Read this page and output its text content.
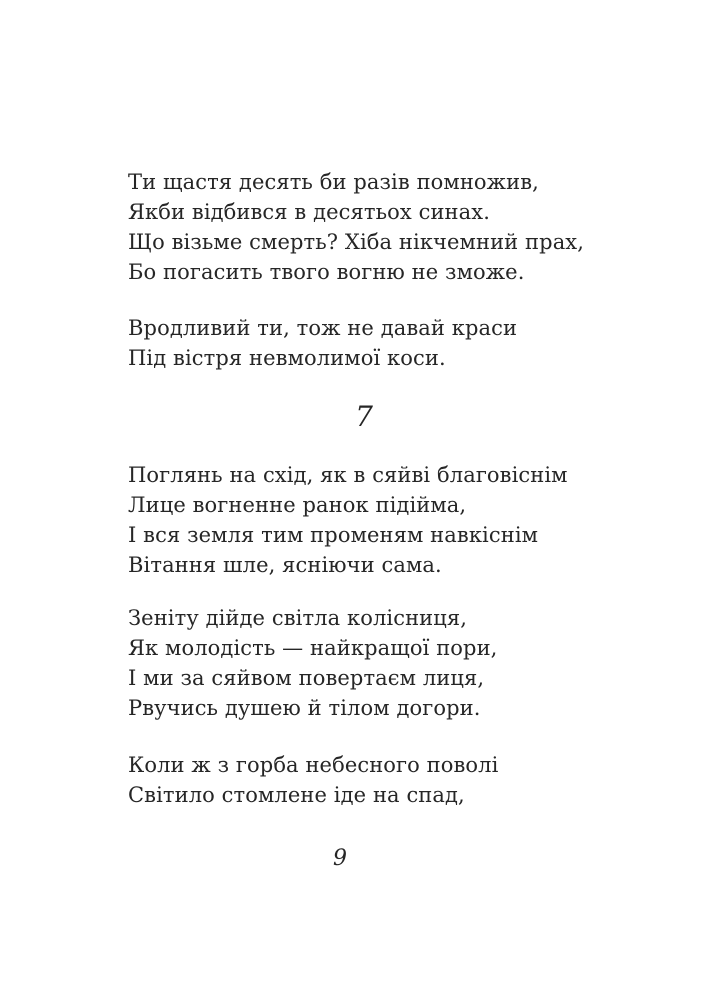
Ти щастя десять би разів помножив,
Якби відбився в десятьох синах.
Що візьме смерть? Хіба нікчемний прах,
Бо погасить твого вогню не зможе.
Вродливий ти, тож не давай краси
Під вістря невмолимої коси.
7
Поглянь на схід, як в сяйві благовіснім
Лице вогненне ранок підійма,
І вся земля тим променям навкіснім
Вітання шле, ясніючи сама.
Зеніту дійде світла колісниця,
Як молодість — найкращої пори,
І ми за сяйвом повертаєм лиця,
Рвучись душею й тілом догори.
Коли ж з горба небесного поволі
Світило стомлене іде на спад,
9
